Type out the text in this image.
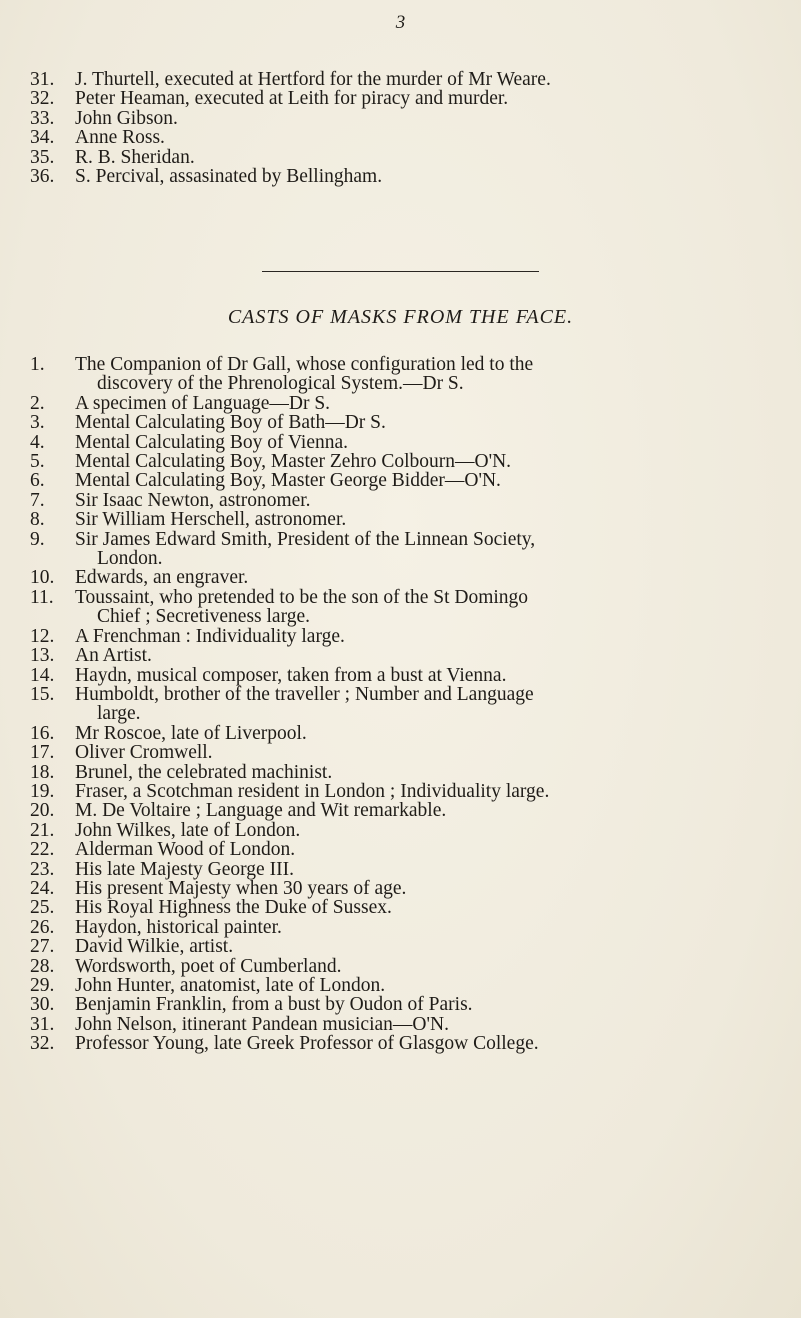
3
31.	J. Thurtell, executed at Hertford for the murder of Mr Weare.
32.	Peter Heaman, executed at Leith for piracy and murder.
33.	John Gibson.
34.	Anne Ross.
35.	R. B. Sheridan.
36.	S. Percival, assasinated by Bellingham.
CASTS OF MASKS FROM THE FACE.
1.	The Companion of Dr Gall, whose configuration led to the
discovery of the Phrenological System.—Dr S.
2.	A specimen of Language—Dr S.
3.	Mental Calculating Boy of Bath—Dr S.
4.	Mental Calculating Boy of Vienna.
5.	Mental Calculating Boy, Master Zehro Colbourn—O'N.
6.	Mental Calculating Boy, Master George Bidder—O'N.
7.	Sir Isaac Newton, astronomer.
8.	Sir William Herschell, astronomer.
9.	Sir James Edward Smith, President of the Linnean Society,
London.
10.	Edwards, an engraver.
11.	Toussaint, who pretended to be the son of the St Domingo
Chief ; Secretiveness large.
12.	A Frenchman : Individuality large.
13.	An Artist.
14.	Haydn, musical composer, taken from a bust at Vienna.
15.	Humboldt, brother of the traveller ; Number and Language
large.
16.	Mr Roscoe, late of Liverpool.
17.	Oliver Cromwell.
18.	Brunel, the celebrated machinist.
19.	Fraser, a Scotchman resident in London ; Individuality large.
20.	M. De Voltaire ; Language and Wit remarkable.
21.	John Wilkes, late of London.
22.	Alderman Wood of London.
23.	His late Majesty George III.
24.	His present Majesty when 30 years of age.
25.	His Royal Highness the Duke of Sussex.
26.	Haydon, historical painter.
27.	David Wilkie, artist.
28.	Wordsworth, poet of Cumberland.
29.	John Hunter, anatomist, late of London.
30.	Benjamin Franklin, from a bust by Oudon of Paris.
31.	John Nelson, itinerant Pandean musician—O'N.
32.	Professor Young, late Greek Professor of Glasgow College.
